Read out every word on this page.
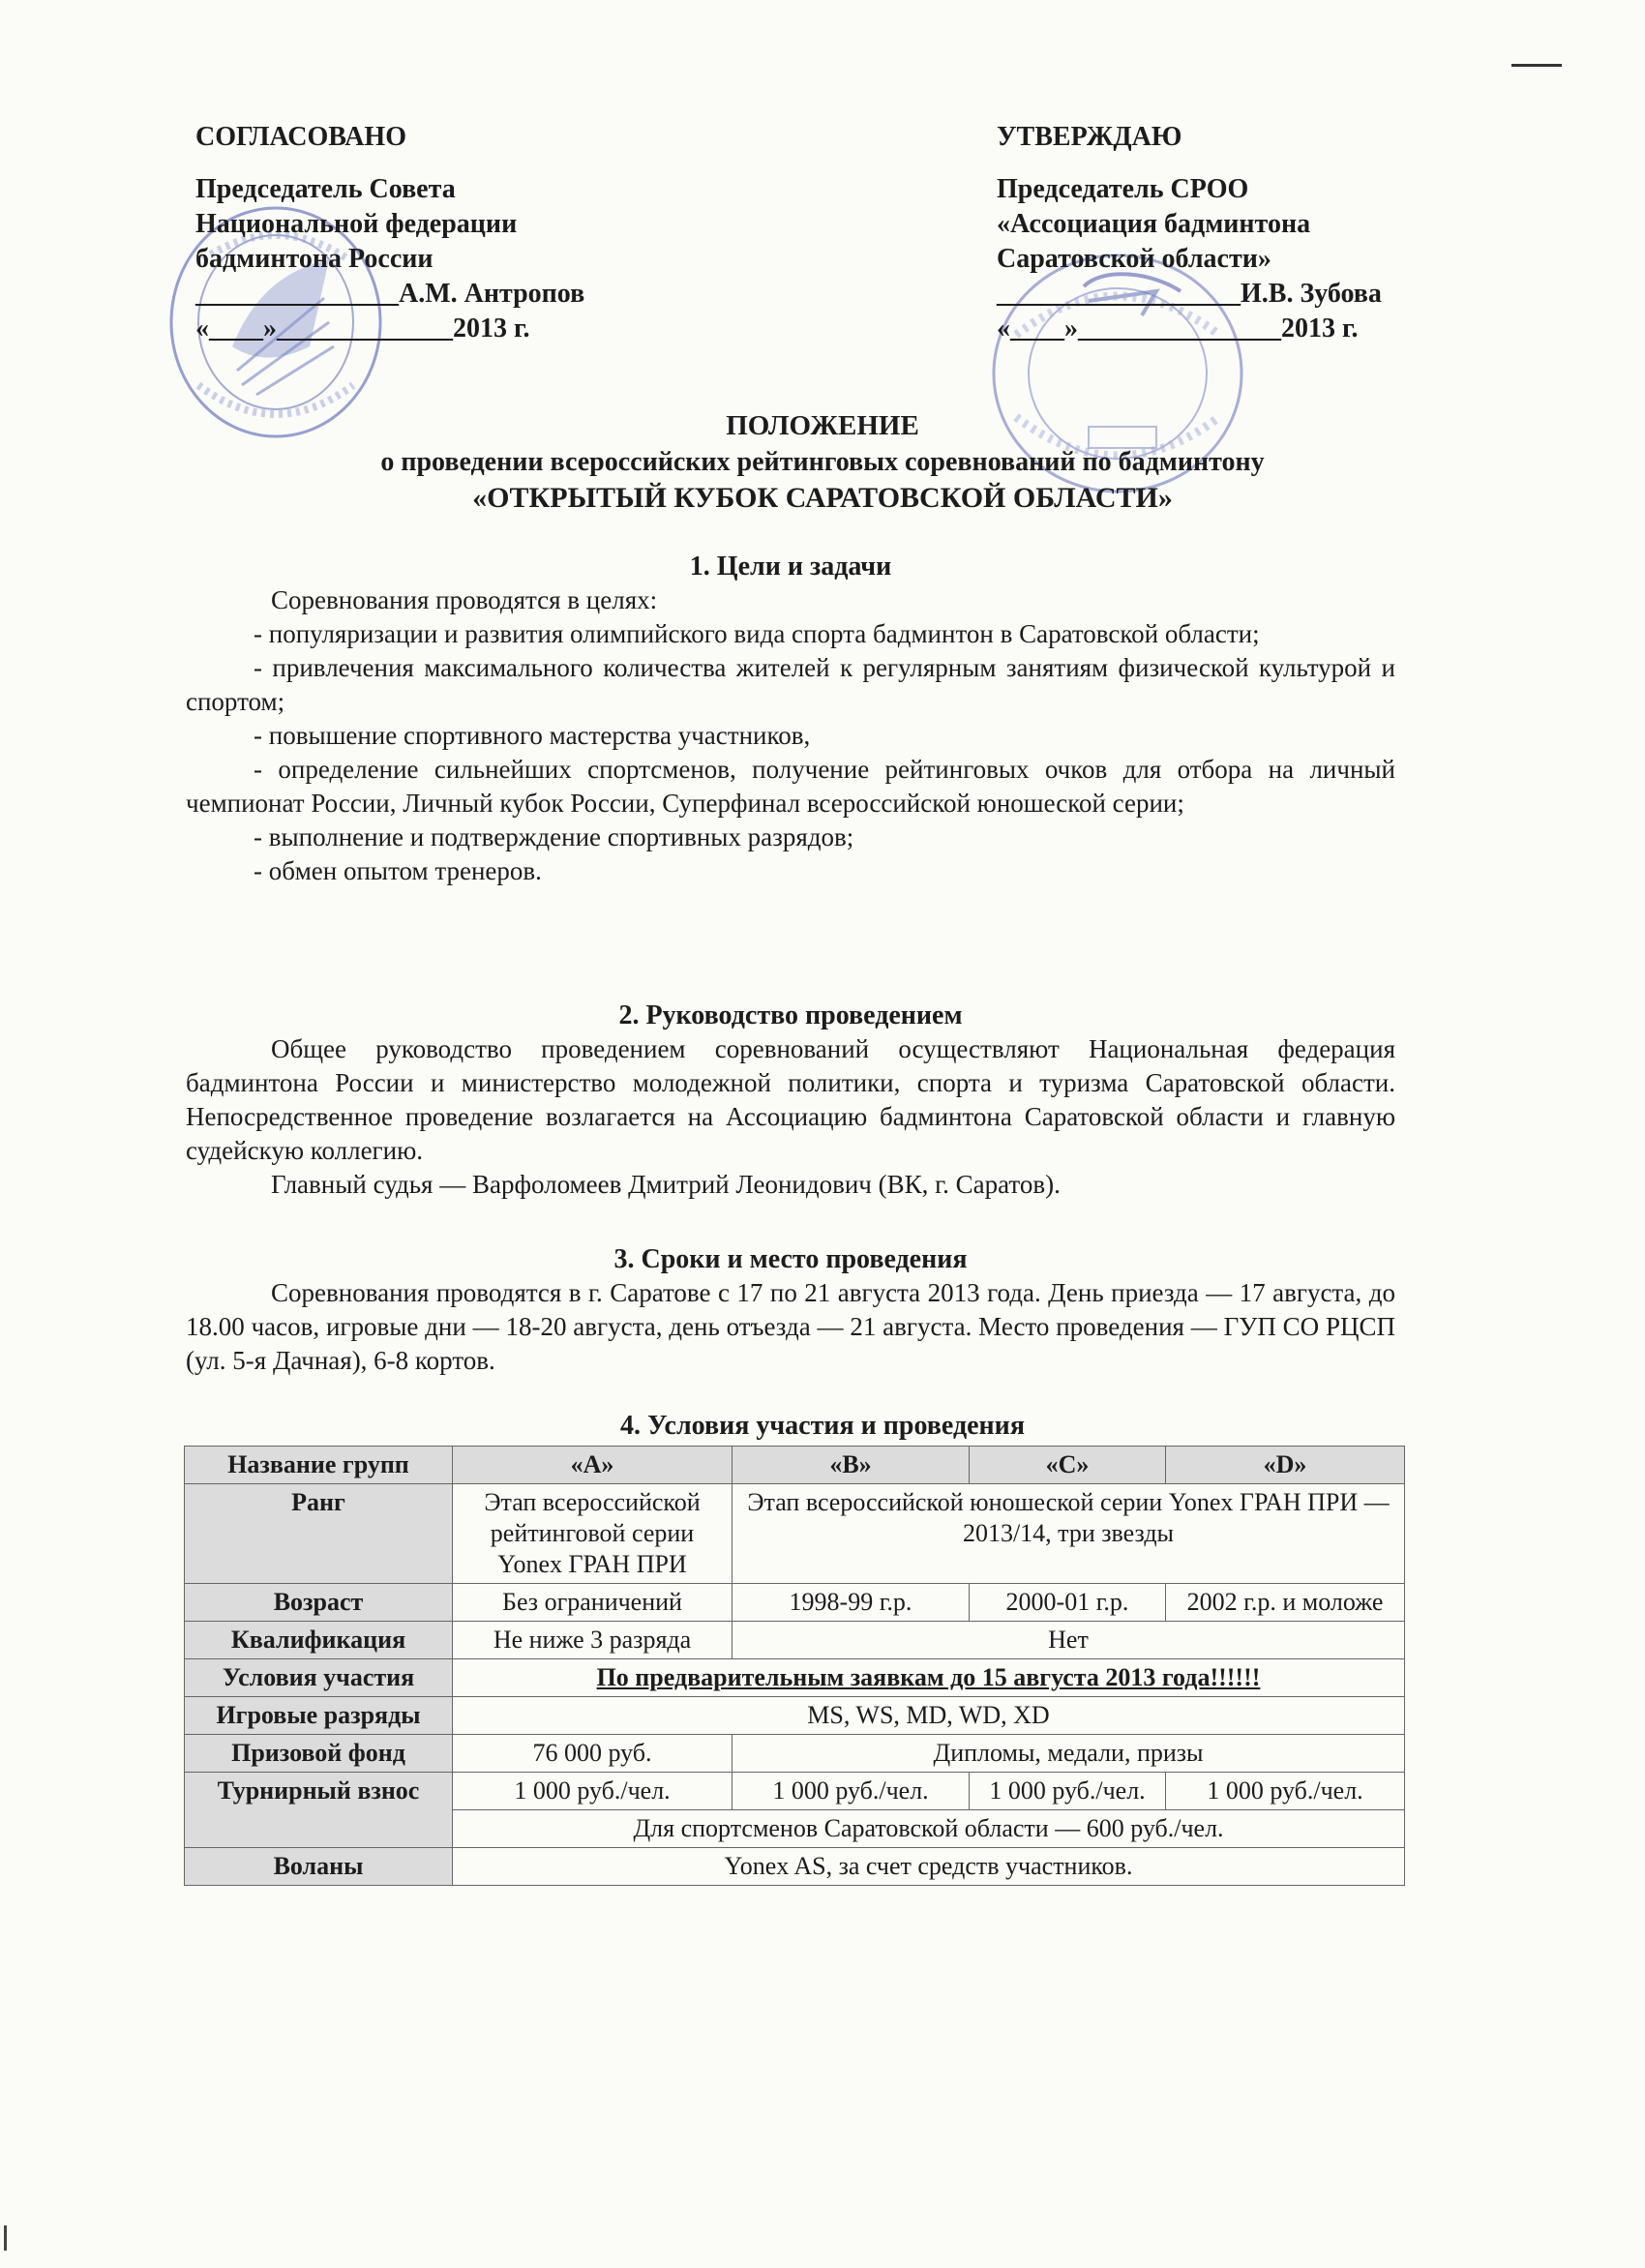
СОГЛАСОВАНО
Председатель Совета
Национальной федерации
бадминтона России
_______________А.М. Антропов
«____»_____________2013 г.
УТВЕРЖДАЮ
Председатель СРОО
«Ассоциация бадминтона
Саратовской области»
__________________И.В. Зубова
«____»_______________2013 г.
ПОЛОЖЕНИЕ
о проведении всероссийских рейтинговых соревнований по бадминтону
«ОТКРЫТЫЙ КУБОК САРАТОВСКОЙ ОБЛАСТИ»

1. Цели и задачи

Соревнования проводятся в целях:

- популяризации и развития олимпийского вида спорта бадминтон в Саратовской области;

- привлечения максимального количества жителей к регулярным занятиям физической культурой и спортом;

- повышение спортивного мастерства участников,

- определение сильнейших спортсменов, получение рейтинговых очков для отбора на личный чемпионат России, Личный кубок России, Суперфинал всероссийской юношеской серии;

- выполнение и подтверждение спортивных разрядов;

- обмен опытом тренеров.

2. Руководство проведением

Общее руководство проведением соревнований осуществляют Национальная федерация бадминтона России и министерство молодежной политики, спорта и туризма Саратовской области. Непосредственное проведение возлагается на Ассоциацию бадминтона Саратовской области и главную судейскую коллегию.

Главный судья — Варфоломеев Дмитрий Леонидович (ВК, г. Саратов).

3. Сроки и место проведения

Соревнования проводятся в г. Саратове с 17 по 21 августа 2013 года. День приезда — 17 августа, до 18.00 часов, игровые дни — 18-20 августа, день отъезда — 21 августа. Место проведения — ГУП СО РЦСП (ул. 5-я Дачная), 6-8 кортов.

4. Условия участия и проведения
Название групп	«A»	«B»	«C»	«D»
Ранг	Этап всероссийской рейтинговой серии Yonex ГРАН ПРИ	Этап всероссийской юношеской серии Yonex ГРАН ПРИ — 2013/14, три звезды		
Возраст	Без ограничений	1998-99 г.р.	2000-01 г.р.	2002 г.р. и моложе
Квалификация	Не ниже 3 разряда	Нет		
Условия участия	По предварительным заявкам до 15 августа 2013 года!!!!!!			
Игровые разряды	MS, WS, MD, WD, XD			
Призовой фонд	76 000 руб.	Дипломы, медали, призы		
Турнирный взнос	1 000 руб./чел.	1 000 руб./чел.	1 000 руб./чел.	1 000 руб./чел.
	Для спортсменов Саратовской области — 600 руб./чел.			
Воланы	Yonex AS, за счет средств участников.			
